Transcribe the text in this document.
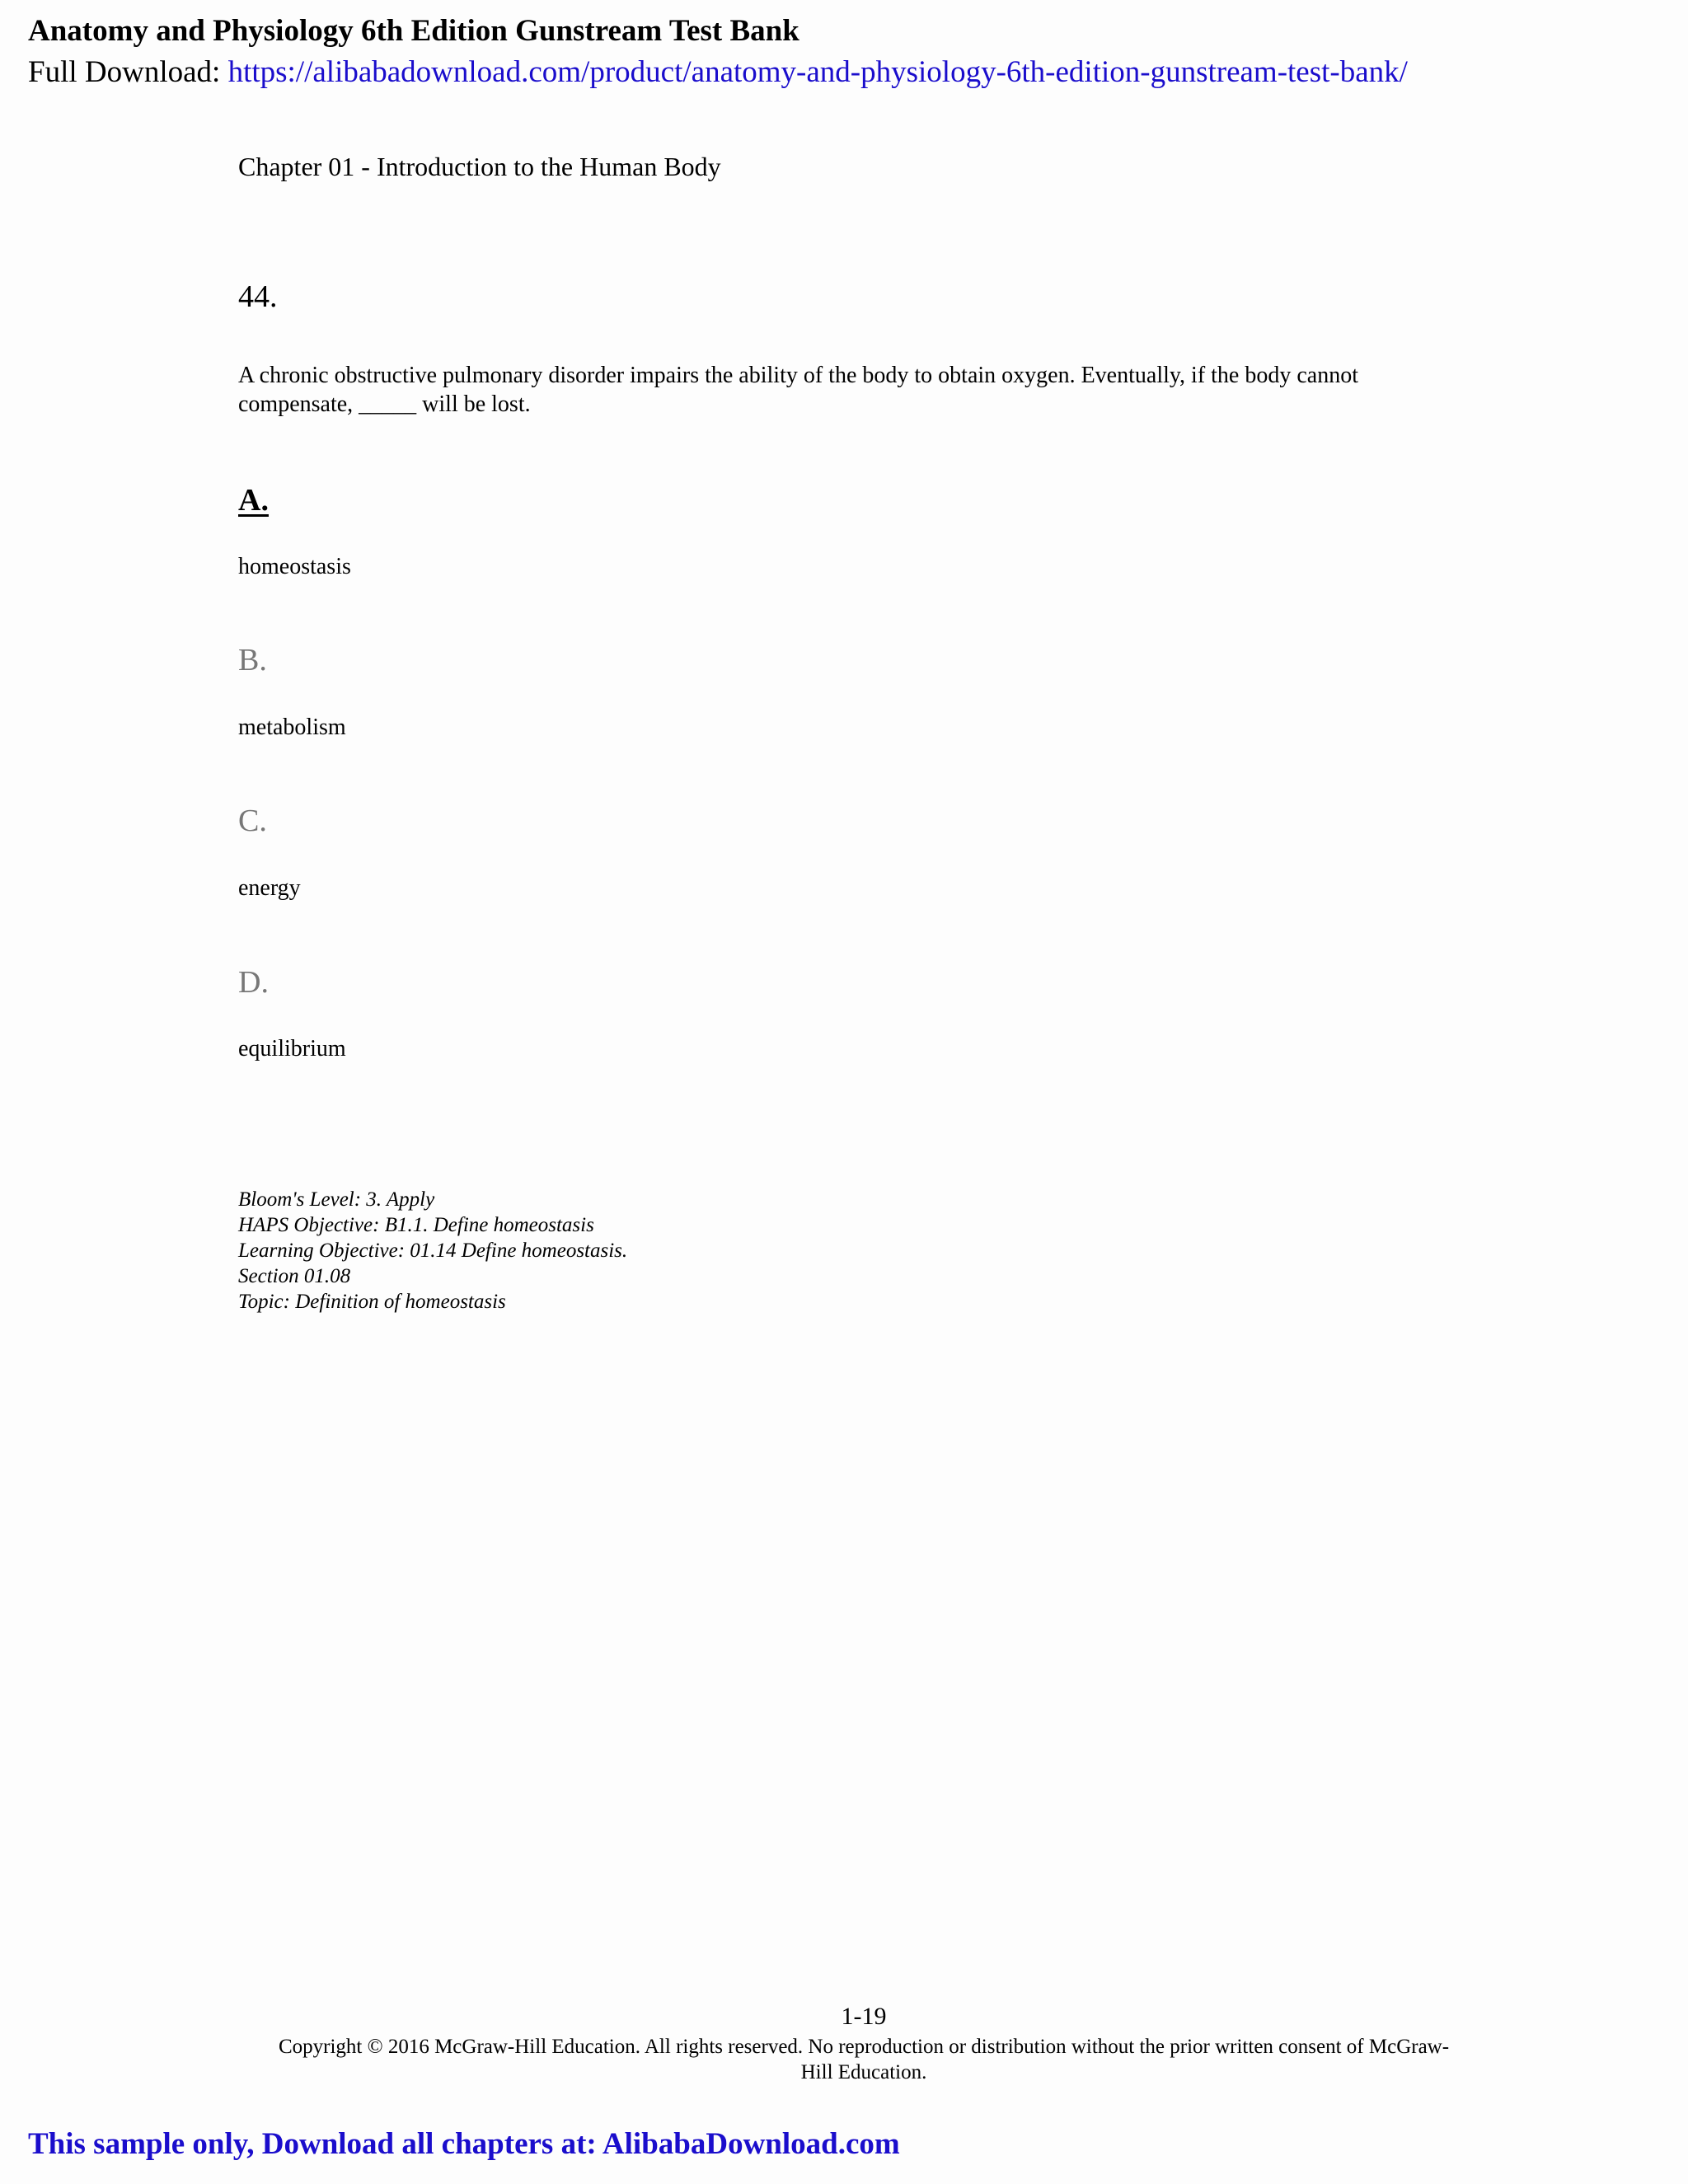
Anatomy and Physiology 6th Edition Gunstream Test Bank
Full Download: https://alibabadownload.com/product/anatomy-and-physiology-6th-edition-gunstream-test-bank/
Chapter 01 - Introduction to the Human Body
44.
A chronic obstructive pulmonary disorder impairs the ability of the body to obtain oxygen. Eventually, if the body cannot compensate, _____ will be lost.
A.
homeostasis
B.
metabolism
C.
energy
D.
equilibrium
Bloom's Level: 3. Apply
HAPS Objective: B1.1. Define homeostasis
Learning Objective: 01.14 Define homeostasis.
Section 01.08
Topic: Definition of homeostasis
1-19
Copyright © 2016 McGraw-Hill Education. All rights reserved. No reproduction or distribution without the prior written consent of McGraw-Hill Education.
This sample only, Download all chapters at: AlibabaDownload.com
